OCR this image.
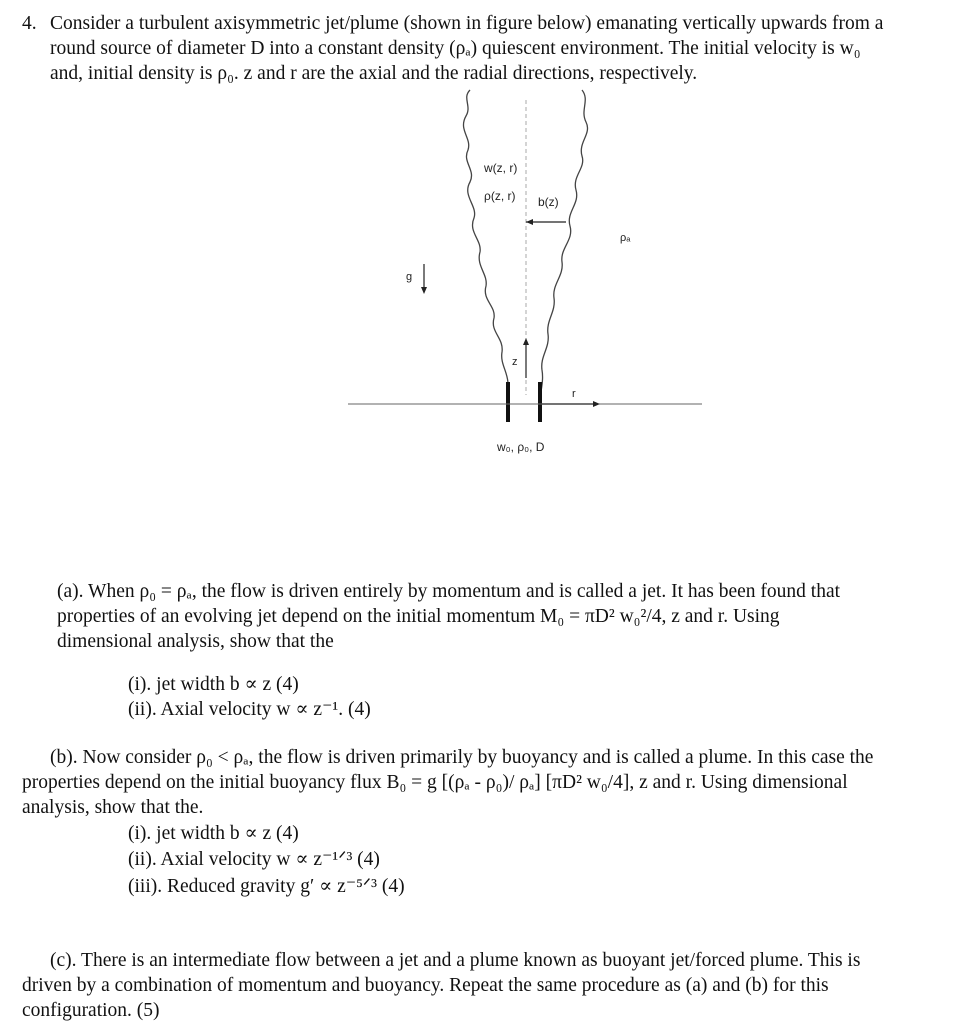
4. Consider a turbulent axisymmetric jet/plume (shown in figure below) emanating vertically upwards from a
round source of diameter D into a constant density (ρₐ) quiescent environment. The initial velocity is w₀
and, initial density is ρ₀. z and r are the axial and the radial directions, respectively.
w(z, r)
ρ(z, r) b(z)
ρₐ
g
z
r
w₀, ρ₀, D
(a). When ρ₀ = ρₐ, the flow is driven entirely by momentum and is called a jet. It has been found that
properties of an evolving jet depend on the initial momentum M₀ = πD² w₀²/4, z and r. Using
dimensional analysis, show that the
(i). jet width b ∝ z (4)
(ii). Axial velocity w ∝ z⁻¹. (4)
(b). Now consider ρ₀ < ρₐ, the flow is driven primarily by buoyancy and is called a plume. In this case the
properties depend on the initial buoyancy flux B₀ = g [(ρₐ - ρ₀)/ ρₐ] [πD² w₀/4], z and r. Using dimensional
analysis, show that the.
(i). jet width b ∝ z (4)
(ii). Axial velocity w ∝ z⁻¹ᐟ³ (4)
(iii). Reduced gravity g′ ∝ z⁻⁵ᐟ³ (4)
(c). There is an intermediate flow between a jet and a plume known as buoyant jet/forced plume. This is
driven by a combination of momentum and buoyancy. Repeat the same procedure as (a) and (b) for this
configuration. (5)
